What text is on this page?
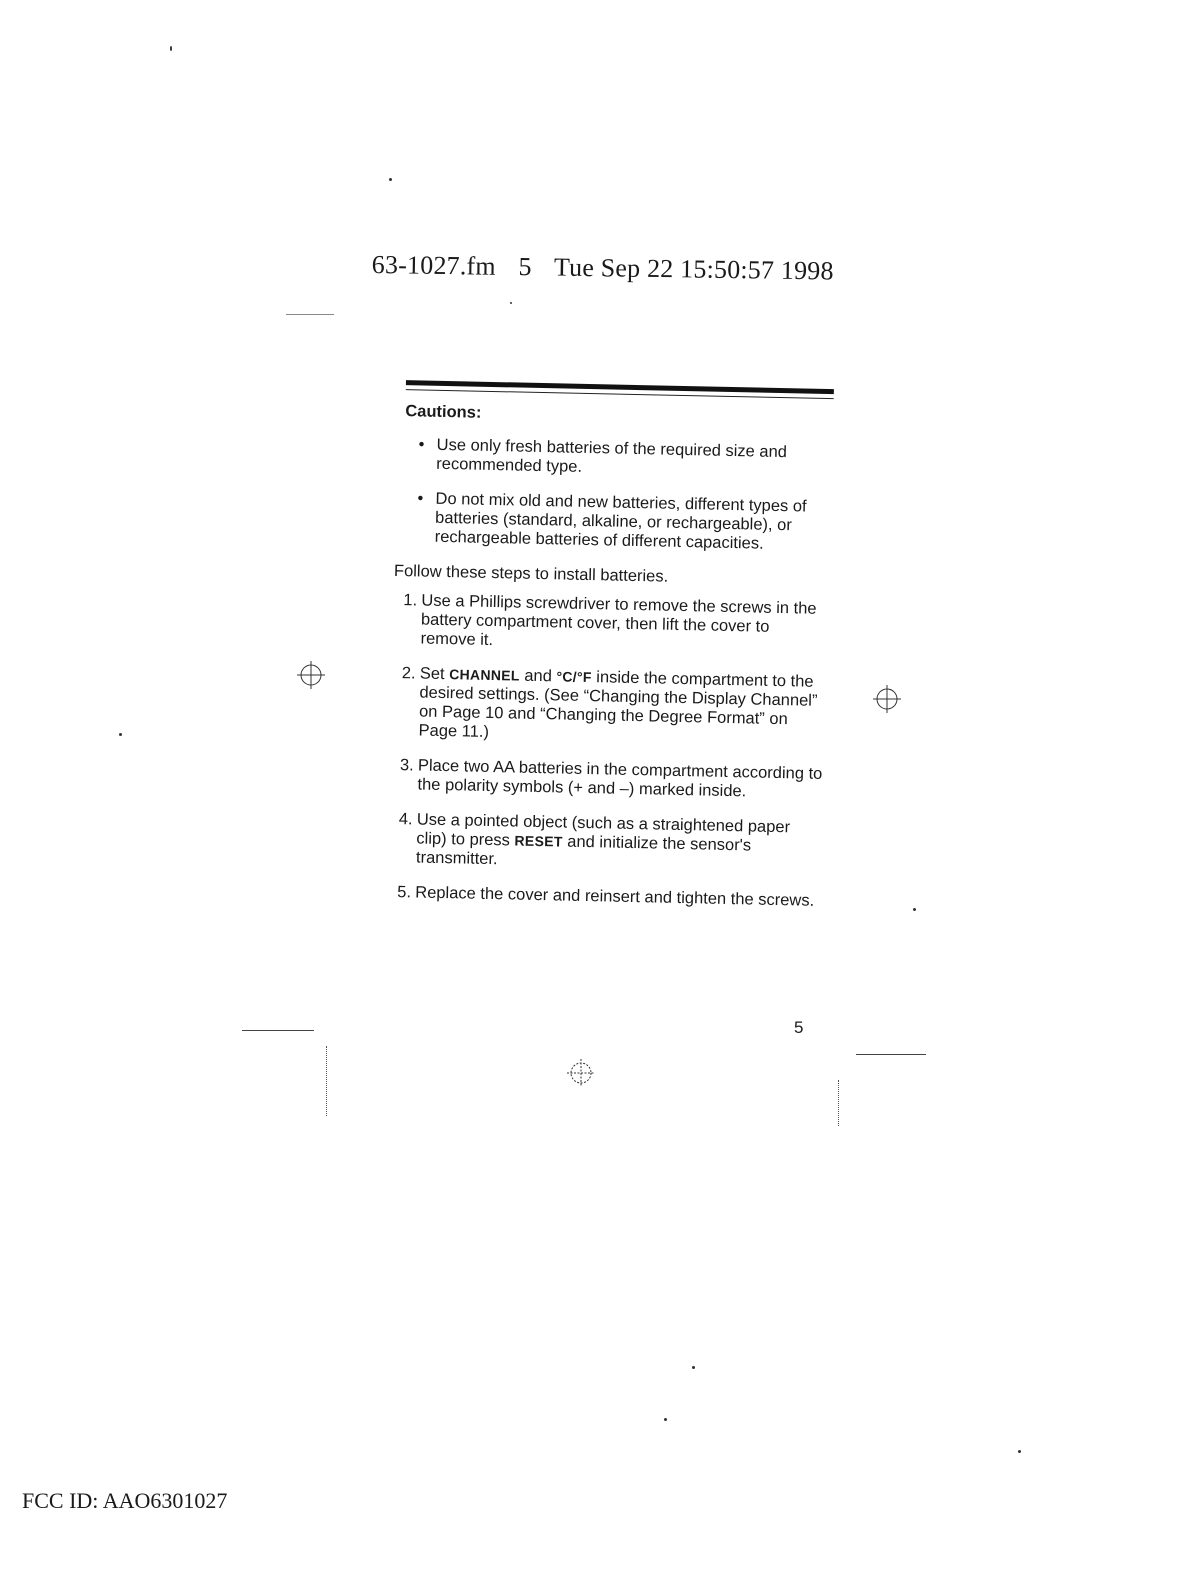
63-1027.fm 5 Tue Sep 22 15:50:57 1998
Cautions:
• Use only fresh batteries of the required size and recommended type.
• Do not mix old and new batteries, different types of batteries (standard, alkaline, or rechargeable), or rechargeable batteries of different capacities.

Follow these steps to install batteries.

1. Use a Phillips screwdriver to remove the screws in the battery compartment cover, then lift the cover to remove it.
2. Set CHANNEL and °C/°F inside the compartment to the desired settings. (See “Changing the Display Channel” on Page 10 and “Changing the Degree Format” on Page 11.)
3. Place two AA batteries in the compartment according to the polarity symbols (+ and –) marked inside.
4. Use a pointed object (such as a straightened paper clip) to press RESET and initialize the sensor's transmitter.
5. Replace the cover and reinsert and tighten the screws.
5
FCC ID: AAO6301027
